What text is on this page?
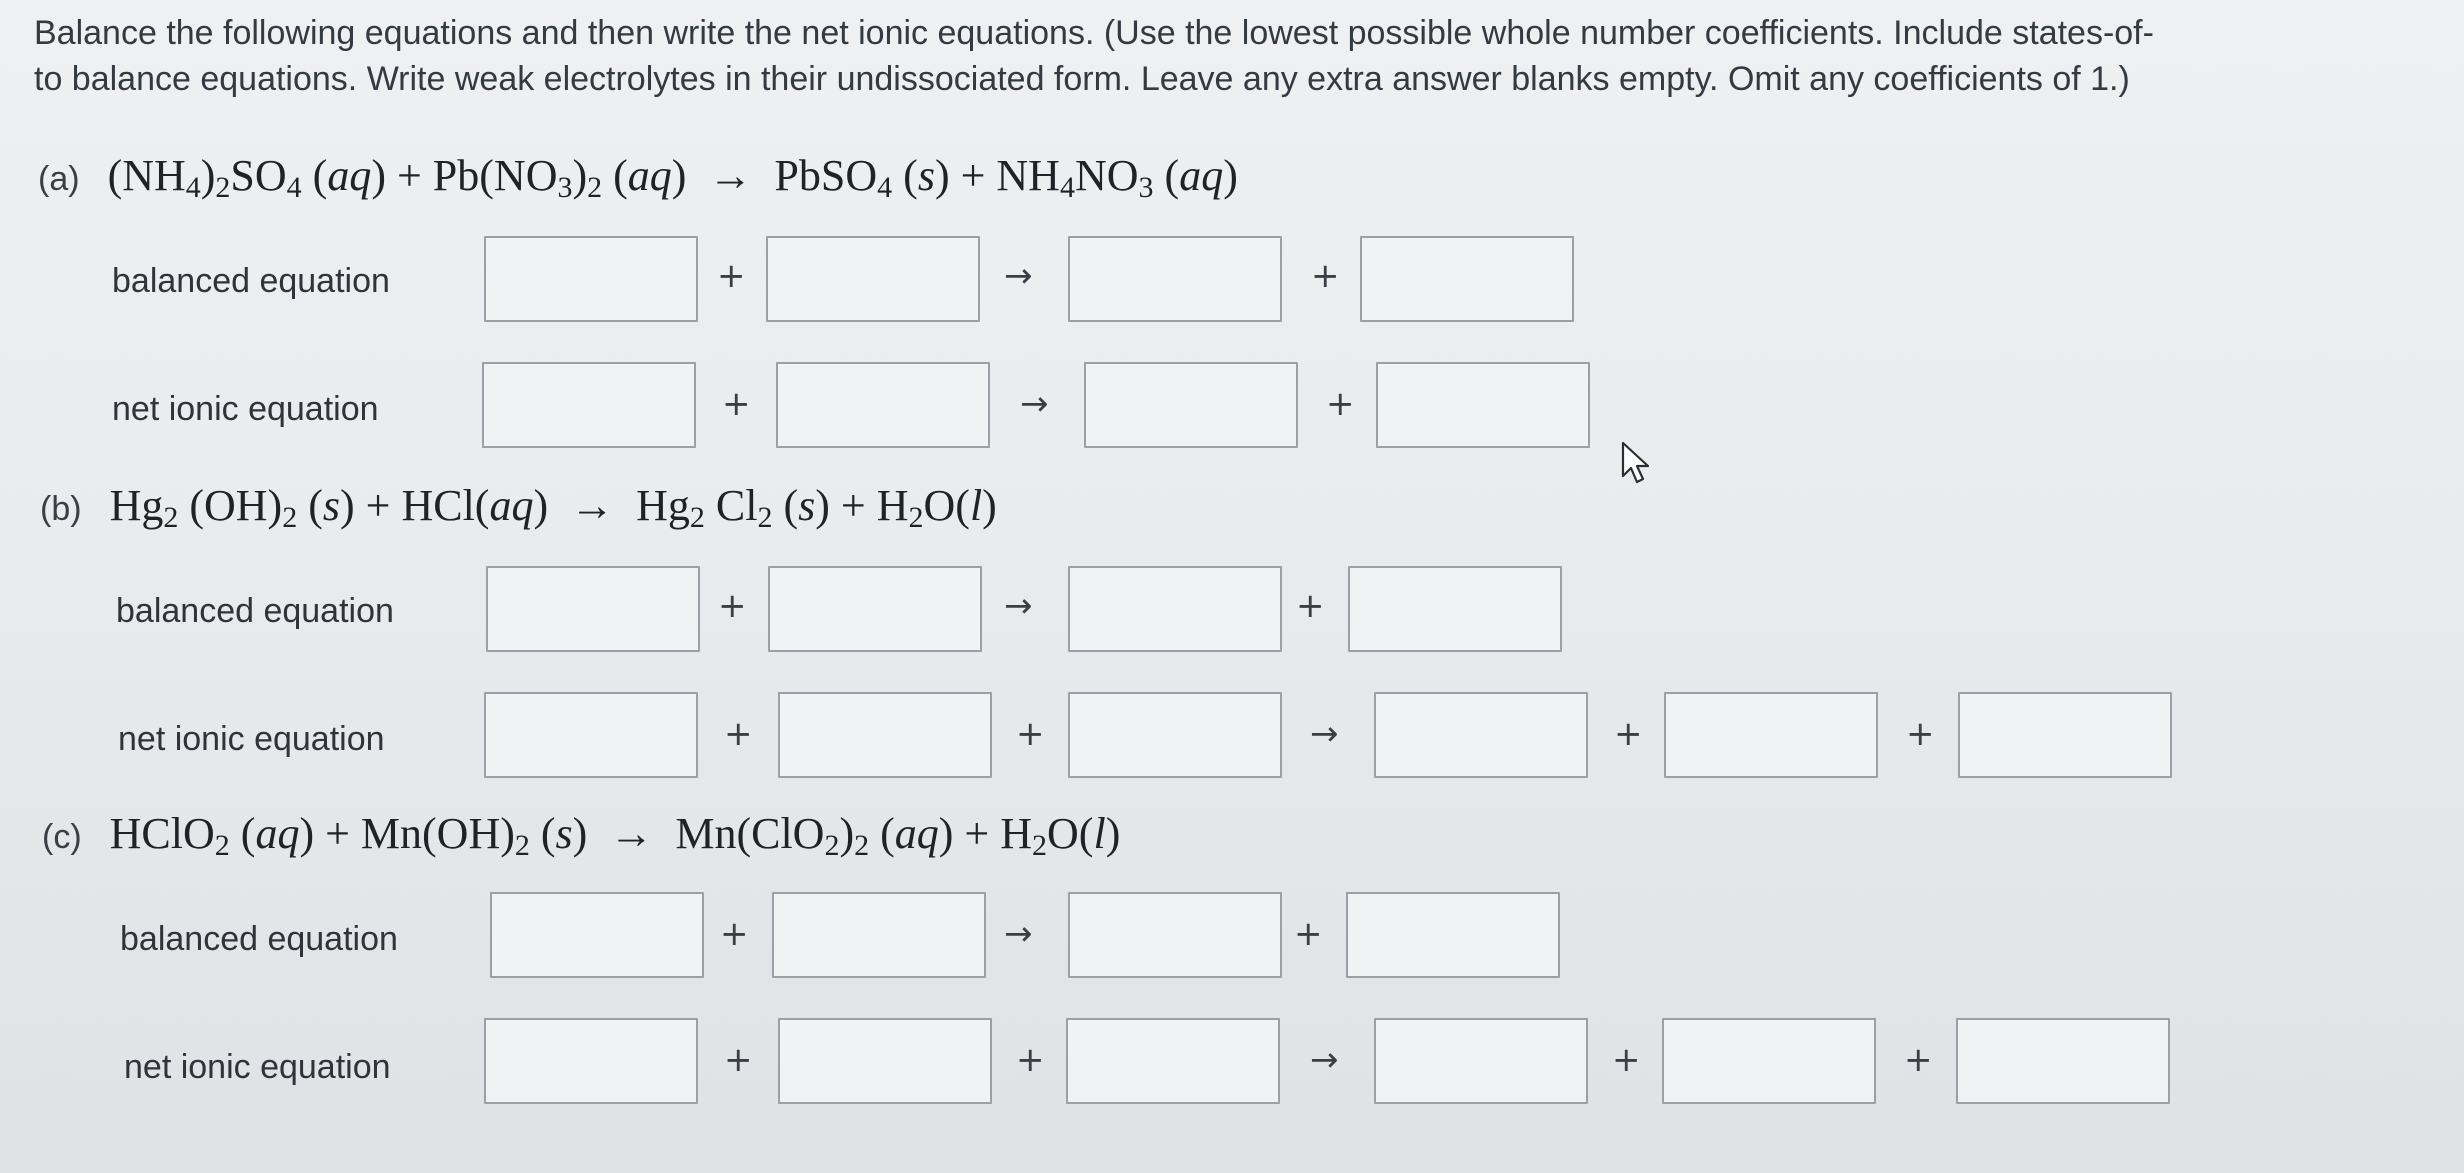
Balance the following equations and then write the net ionic equations. (Use the lowest possible whole number coefficients. Include states-of-
to balance equations. Write weak electrolytes in their undissociated form. Leave any extra answer blanks empty. Omit any coefficients of 1.)
(a) $(NH_4)_2SO_4$ $(aq) + Pb(NO_3)_2$ (aq)  →  PbSO$_4$ $(s) + NH_4NO_3$ (aq)
balanced equation	+	→	+
net ionic equation	+	→	+
(b) $Hg_2$ $(OH)_2$ $(s) + HCl(aq) \to Hg_2$ $Cl_2$ $(s) + H_2O(l)$
balanced equation	+	→	+
net ionic equation	+	+	→	+	+
(c) HClO$_2$ $(aq) + Mn(OH)_2$ $(s) \to Mn(ClO_2)_2$ $(aq) + H_2O(l)$
balanced equation	+	→	+
net ionic equation	+	+	→	+	+
